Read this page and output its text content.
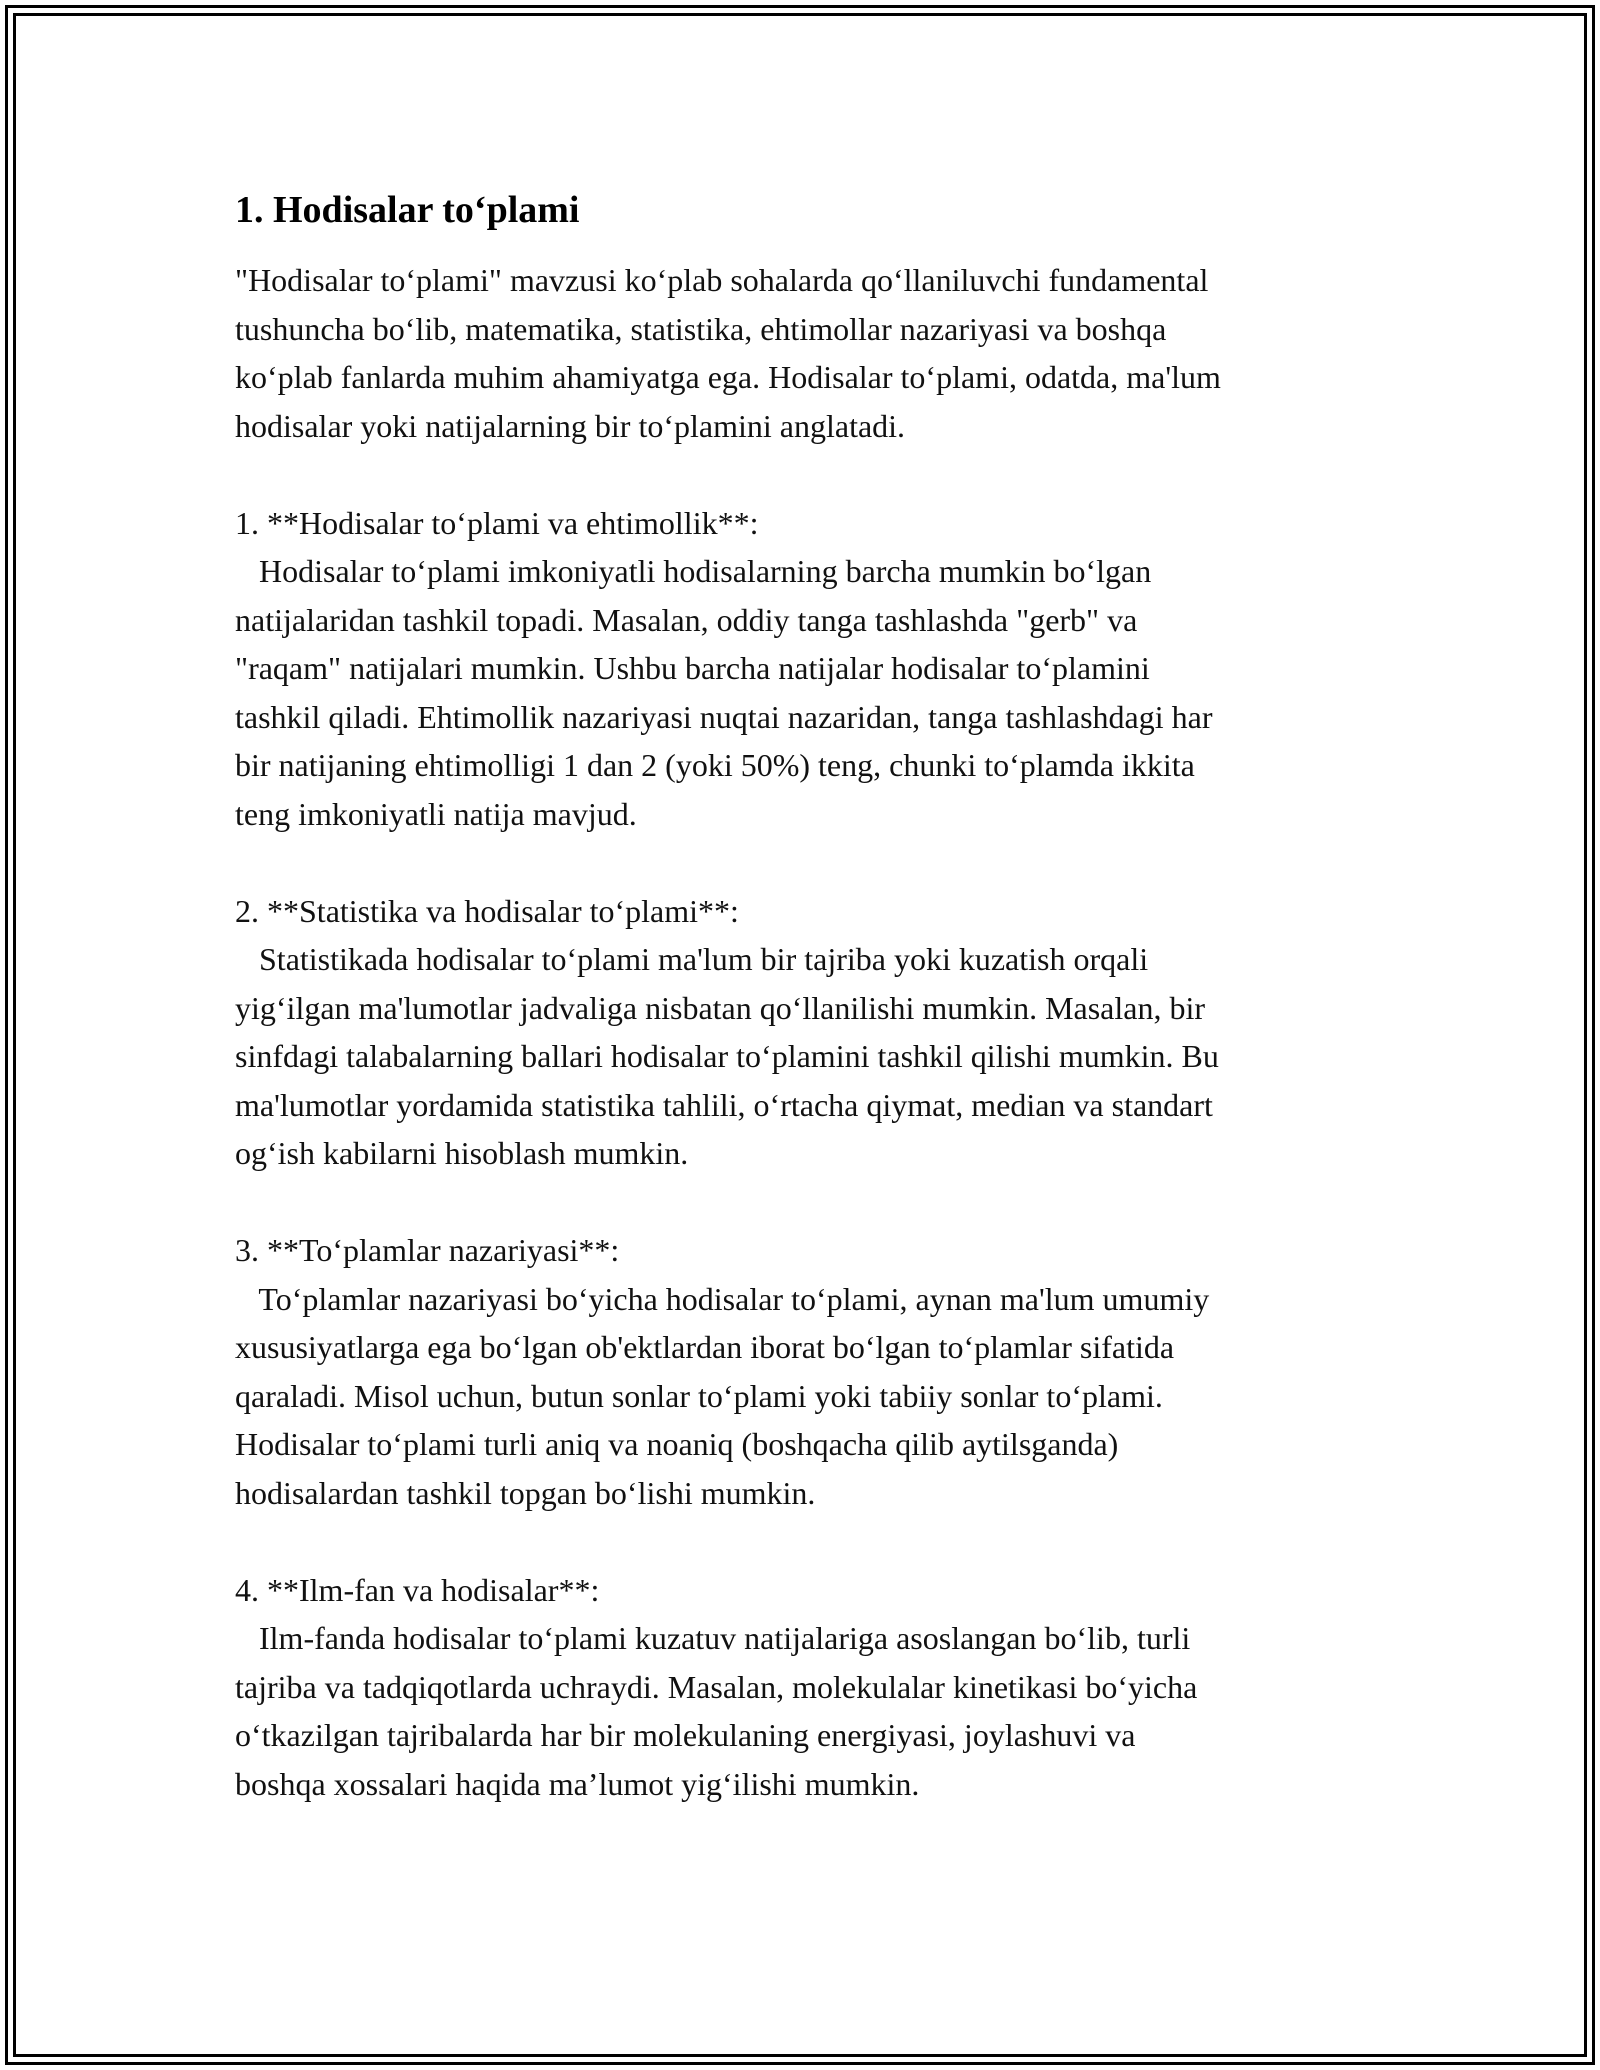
1. Hodisalar to‘plami
"Hodisalar to‘plami" mavzusi ko‘plab sohalarda qo‘llaniluvchi fundamental
tushuncha bo‘lib, matematika, statistika, ehtimollar nazariyasi va boshqa
ko‘plab fanlarda muhim ahamiyatga ega. Hodisalar to‘plami, odatda, ma'lum
hodisalar yoki natijalarning bir to‘plamini anglatadi.
1. **Hodisalar to‘plami va ehtimollik**:
Hodisalar to‘plami imkoniyatli hodisalarning barcha mumkin bo‘lgan
natijalaridan tashkil topadi. Masalan, oddiy tanga tashlashda "gerb" va
"raqam" natijalari mumkin. Ushbu barcha natijalar hodisalar to‘plamini
tashkil qiladi. Ehtimollik nazariyasi nuqtai nazaridan, tanga tashlashdagi har
bir natijaning ehtimolligi 1 dan 2 (yoki 50%) teng, chunki to‘plamda ikkita
teng imkoniyatli natija mavjud.
2. **Statistika va hodisalar to‘plami**:
Statistikada hodisalar to‘plami ma'lum bir tajriba yoki kuzatish orqali
yig‘ilgan ma'lumotlar jadvaliga nisbatan qo‘llanilishi mumkin. Masalan, bir
sinfdagi talabalarning ballari hodisalar to‘plamini tashkil qilishi mumkin. Bu
ma'lumotlar yordamida statistika tahlili, o‘rtacha qiymat, median va standart
og‘ish kabilarni hisoblash mumkin.
3. **To‘plamlar nazariyasi**:
To‘plamlar nazariyasi bo‘yicha hodisalar to‘plami, aynan ma'lum umumiy
xususiyatlarga ega bo‘lgan ob'ektlardan iborat bo‘lgan to‘plamlar sifatida
qaraladi. Misol uchun, butun sonlar to‘plami yoki tabiiy sonlar to‘plami.
Hodisalar to‘plami turli aniq va noaniq (boshqacha qilib aytilsganda)
hodisalardan tashkil topgan bo‘lishi mumkin.
4. **Ilm-fan va hodisalar**:
Ilm-fanda hodisalar to‘plami kuzatuv natijalariga asoslangan bo‘lib, turli
tajriba va tadqiqotlarda uchraydi. Masalan, molekulalar kinetikasi bo‘yicha
o‘tkazilgan tajribalarda har bir molekulaning energiyasi, joylashuvi va
boshqa xossalari haqida ma’lumot yig‘ilishi mumkin.
